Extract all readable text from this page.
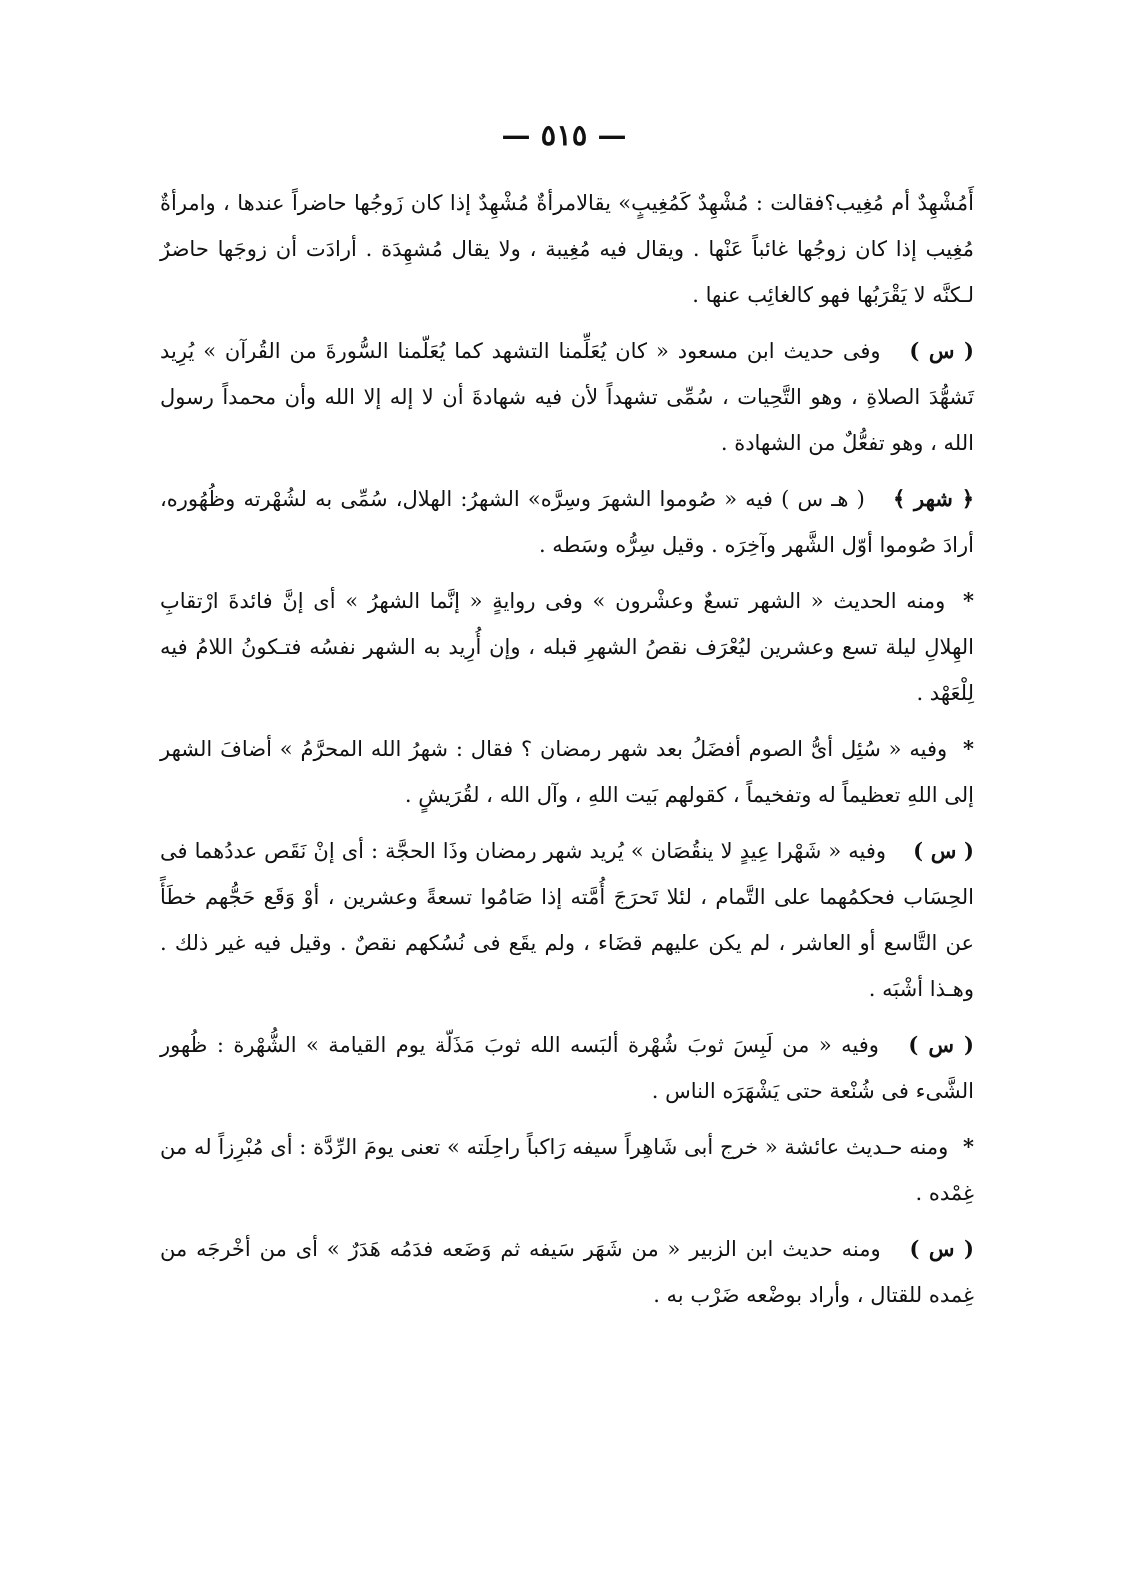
— ٥١٥ —

أَمُشْهِدٌ أم مُغِيب؟فقالت : مُشْهِدٌ كَمُغِيبٍ» يقالامرأةٌ مُشْهِدٌ إذا كان زَوجُها حاضراً عندها ، وامرأةٌ مُغِيب إذا كان زوجُها غائباً عَنْها . ويقال فيه مُغِيبة ، ولا يقال مُشهِدَة . أرادَت أن زوجَها حاضرٌ لـكنَّه لا يَقْرَبُها فهو كالغائِب عنها .

( س ) وفى حديث ابن مسعود « كان يُعَلِّمنا التشهد كما يُعَلّمنا السُّورةَ من القُرآن » يُرِيد تَشهُّدَ الصلاةِ ، وهو التَّحِيات ، سُمِّى تشهداً لأن فيه شهادةَ أن لا إله إلا الله وأن محمداً رسول الله ، وهو تفعُّلٌ من الشهادة .

﴿ شهر ﴾ ( هـ س ) فيه « صُوموا الشهرَ وسِرَّه» الشهرُ: الهلال، سُمِّى به لشُهْرته وظُهُوره، أرادَ صُوموا أوّل الشَّهر وآخِرَه . وقيل سِرُّه وسَطه .

* ومنه الحديث « الشهر تسعٌ وعشْرون » وفى روايةٍ « إنَّما الشهرُ » أى إنَّ فائدةَ ارْتقابِ الهِلالِ ليلة تسع وعشرين ليُعْرَف نقصُ الشهرِ قبله ، وإن أُرِيد به الشهر نفسُه فتـكونُ اللامُ فيه لِلْعَهْد .

* وفيه « سُئِل أىُّ الصوم أفضَلُ بعد شهر رمضان ؟ فقال : شهرُ الله المحرَّمُ » أضافَ الشهر إلى اللهِ تعظيماً له وتفخيماً ، كقولهم بَيت اللهِ ، وآل الله ، لقُرَيشٍ .

( س ) وفيه « شَهْرا عِيدٍ لا ينقُصَان » يُريد شهر رمضان وذَا الحجَّة : أى إنْ نَقَص عددُهما فى الحِسَاب فحكمُهما على التَّمام ، لئلا تَحرَجَ أُمَّته إذا صَامُوا تسعةً وعشرين ، أوْ وَقَع حَجُّهم خطَأً عن التَّاسع أو العاشر ، لم يكن عليهم قضَاء ، ولم يقَع فى نُسُكهم نقصٌ . وقيل فيه غير ذلك . وهـذا أشْبَه .

( س ) وفيه « من لَبِسَ ثوبَ شُهْرة ألبَسه الله ثوبَ مَذَلّة يوم القيامة » الشُّهْرة : ظُهور الشَّىء فى شُنْعة حتى يَشْهَرَه الناس .

* ومنه حـديث عائشة « خرج أبى شَاهِراً سيفه رَاكباً راحِلَته » تعنى يومَ الرِّدَّة : أى مُبْرِزاً له من غِمْده .

( س ) ومنه حديث ابن الزبير « من شَهَر سَيفه ثم وَضَعه فدَمُه هَدَرٌ » أى من أخْرجَه من غِمده للقتال ، وأراد بوضْعه ضَرْب به .
